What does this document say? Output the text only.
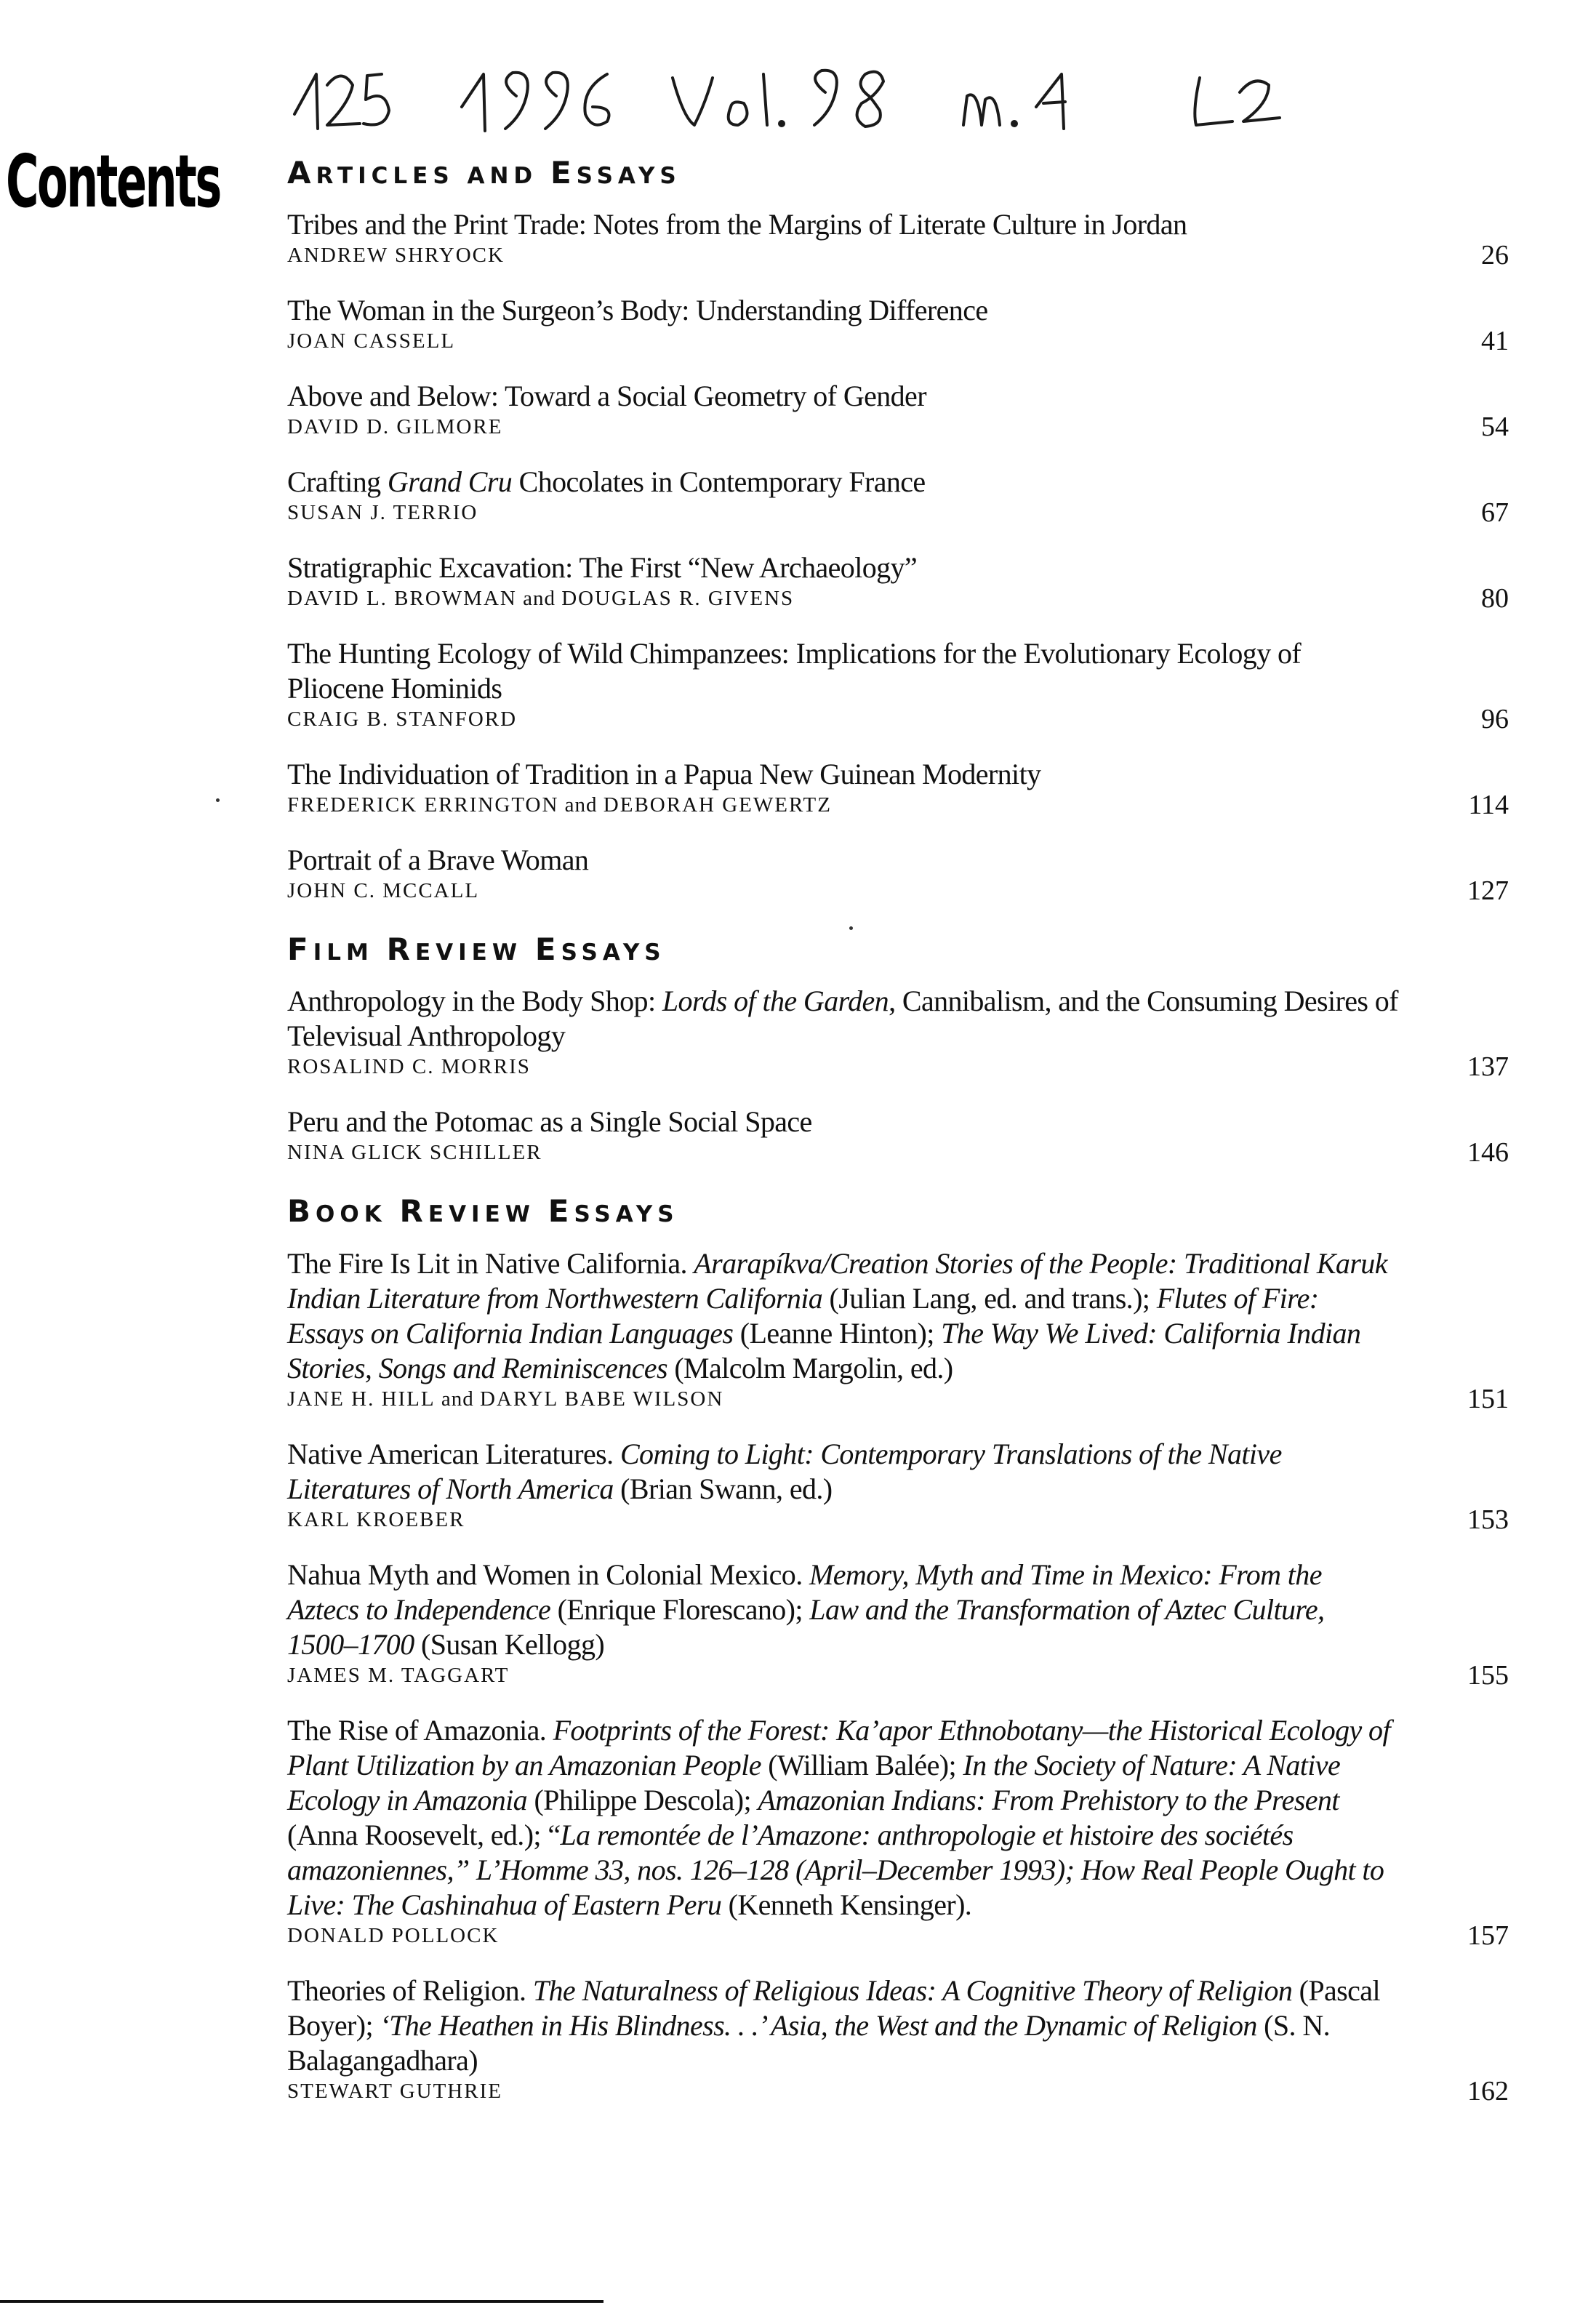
Contents ARTICLES AND ESSAYS
Tribes and the Print Trade: Notes from the Margins of Literate Culture in Jordan
ANDREW SHRYOCK	26
The Woman in the Surgeon’s Body: Understanding Difference
JOAN CASSELL	41
Above and Below: Toward a Social Geometry of Gender
DAVID D. GILMORE	54
Crafting Grand Cru Chocolates in Contemporary France
SUSAN J. TERRIO	67
Stratigraphic Excavation: The First “New Archaeology”
DAVID L. BROWMAN and DOUGLAS R. GIVENS	80
The Hunting Ecology of Wild Chimpanzees: Implications for the Evolutionary Ecology of Pliocene Hominids
CRAIG B. STANFORD	96
The Individuation of Tradition in a Papua New Guinean Modernity
FREDERICK ERRINGTON and DEBORAH GEWERTZ	114
Portrait of a Brave Woman
JOHN C. MCCALL	127
FILM REVIEW ESSAYS
Anthropology in the Body Shop: Lords of the Garden, Cannibalism, and the Consuming Desires of Televisual Anthropology
ROSALIND C. MORRIS	137
Peru and the Potomac as a Single Social Space
NINA GLICK SCHILLER	146
BOOK REVIEW ESSAYS
The Fire Is Lit in Native California. Ararapíkva/Creation Stories of the People: Traditional Karuk Indian Literature from Northwestern California (Julian Lang, ed. and trans.); Flutes of Fire: Essays on California Indian Languages (Leanne Hinton); The Way We Lived: California Indian Stories, Songs and Reminiscences (Malcolm Margolin, ed.)
JANE H. HILL and DARYL BABE WILSON	151
Native American Literatures. Coming to Light: Contemporary Translations of the Native Literatures of North America (Brian Swann, ed.)
KARL KROEBER	153
Nahua Myth and Women in Colonial Mexico. Memory, Myth and Time in Mexico: From the Aztecs to Independence (Enrique Florescano); Law and the Transformation of Aztec Culture, 1500–1700 (Susan Kellogg)
JAMES M. TAGGART	155
The Rise of Amazonia. Footprints of the Forest: Ka’apor Ethnobotany—the Historical Ecology of Plant Utilization by an Amazonian People (William Balée); In the Society of Nature: A Native Ecology in Amazonia (Philippe Descola); Amazonian Indians: From Prehistory to the Present (Anna Roosevelt, ed.); “La remontée de l’Amazone: anthropologie et histoire des sociétés amazoniennes,” L’Homme 33, nos. 126–128 (April–December 1993); How Real People Ought to Live: The Cashinahua of Eastern Peru (Kenneth Kensinger).
DONALD POLLOCK	157
Theories of Religion. The Naturalness of Religious Ideas: A Cognitive Theory of Religion (Pascal Boyer); ‘The Heathen in His Blindness. . .’ Asia, the West and the Dynamic of Religion (S. N. Balagangadhara)
STEWART GUTHRIE	162
